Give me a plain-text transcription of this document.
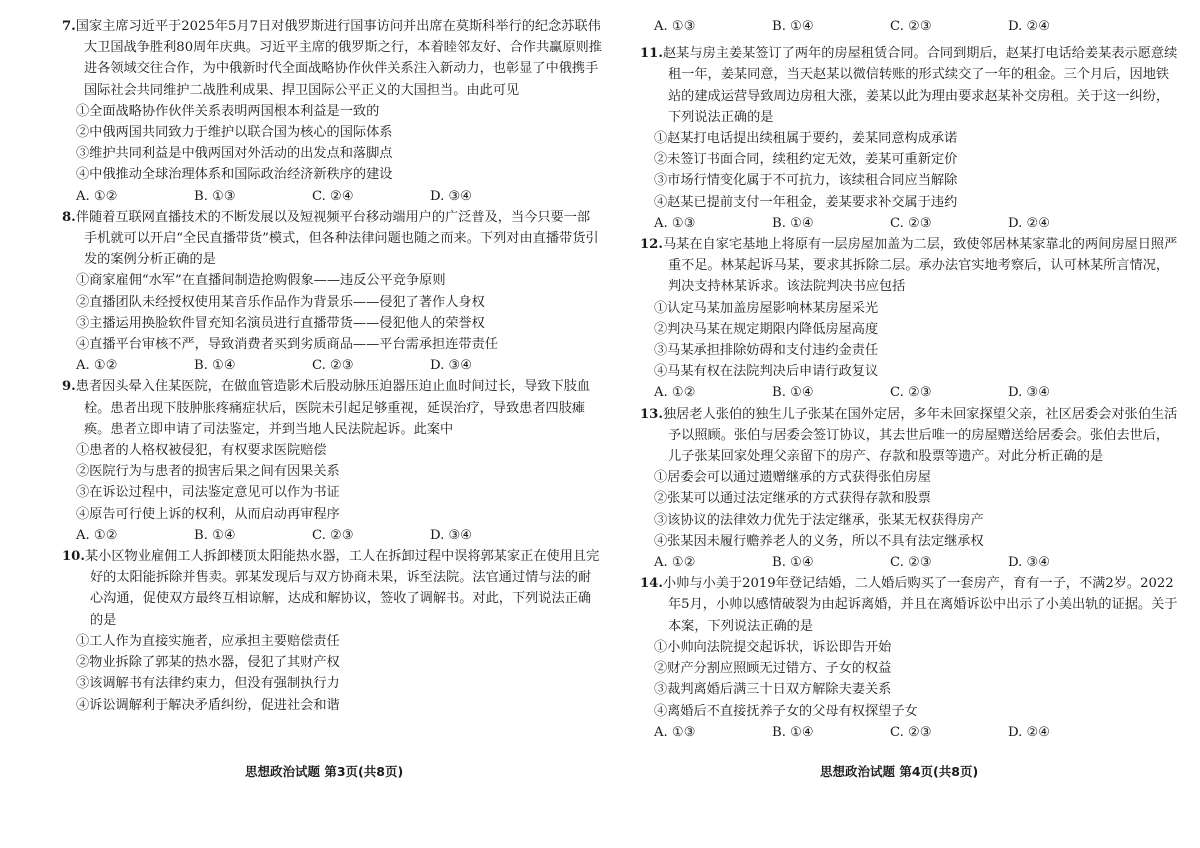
7.国家主席习近平于2025年5月7日对俄罗斯进行国事访问并出席在莫斯科举行的纪念苏联伟大卫国战争胜利80周年庆典。习近平主席的俄罗斯之行，本着睦邻友好、合作共赢原则推进各领域交往合作，为中俄新时代全面战略协作伙伴关系注入新动力，也彰显了中俄携手国际社会共同维护二战胜利成果、捍卫国际公平正义的大国担当。由此可见
①全面战略协作伙伴关系表明两国根本利益是一致的
②中俄两国共同致力于维护以联合国为核心的国际体系
③维护共同利益是中俄两国对外活动的出发点和落脚点
④中俄推动全球治理体系和国际政治经济新秩序的建设
A. ①②	B. ①③	C. ②④	D. ③④
8.伴随着互联网直播技术的不断发展以及短视频平台移动端用户的广泛普及，当今只要一部手机就可以开启“全民直播带货”模式，但各种法律问题也随之而来。下列对由直播带货引发的案例分析正确的是
①商家雇佣“水军”在直播间制造抢购假象——违反公平竞争原则
②直播团队未经授权使用某音乐作品作为背景乐——侵犯了著作人身权
③主播运用换脸软件冒充知名演员进行直播带货——侵犯他人的荣誉权
④直播平台审核不严，导致消费者买到劣质商品——平台需承担连带责任
A. ①②	B. ①④	C. ②③	D. ③④
9.患者因头晕入住某医院，在做血管造影术后股动脉压迫器压迫止血时间过长，导致下肢血栓。患者出现下肢肿胀疼痛症状后，医院未引起足够重视，延误治疗，导致患者四肢瘫痪。患者立即申请了司法鉴定，并到当地人民法院起诉。此案中
①患者的人格权被侵犯，有权要求医院赔偿
②医院行为与患者的损害后果之间有因果关系
③在诉讼过程中，司法鉴定意见可以作为书证
④原告可行使上诉的权利，从而启动再审程序
A. ①②	B. ①④	C. ②③	D. ③④
10.某小区物业雇佣工人拆卸楼顶太阳能热水器，工人在拆卸过程中误将郭某家正在使用且完好的太阳能拆除并售卖。郭某发现后与双方协商未果，诉至法院。法官通过情与法的耐心沟通，促使双方最终互相谅解，达成和解协议，签收了调解书。对此，下列说法正确的是
①工人作为直接实施者，应承担主要赔偿责任
②物业拆除了郭某的热水器，侵犯了其财产权
③该调解书有法律约束力，但没有强制执行力
④诉讼调解利于解决矛盾纠纷，促进社会和谐
思想政治试题 第3页(共8页)
A. ①③	B. ①④	C. ②③	D. ②④
11.赵某与房主姜某签订了两年的房屋租赁合同。合同到期后，赵某打电话给姜某表示愿意续租一年，姜某同意，当天赵某以微信转账的形式续交了一年的租金。三个月后，因地铁站的建成运营导致周边房租大涨，姜某以此为理由要求赵某补交房租。关于这一纠纷，下列说法正确的是
①赵某打电话提出续租属于要约，姜某同意构成承诺
②未签订书面合同，续租约定无效，姜某可重新定价
③市场行情变化属于不可抗力，该续租合同应当解除
④赵某已提前支付一年租金，姜某要求补交属于违约
A. ①③	B. ①④	C. ②③	D. ②④
12.马某在自家宅基地上将原有一层房屋加盖为二层，致使邻居林某家靠北的两间房屋日照严重不足。林某起诉马某，要求其拆除二层。承办法官实地考察后，认可林某所言情况，判决支持林某诉求。该法院判决书应包括
①认定马某加盖房屋影响林某房屋采光
②判决马某在规定期限内降低房屋高度
③马某承担排除妨碍和支付违约金责任
④马某有权在法院判决后申请行政复议
A. ①②	B. ①④	C. ②③	D. ③④
13.独居老人张伯的独生儿子张某在国外定居，多年未回家探望父亲，社区居委会对张伯生活予以照顾。张伯与居委会签订协议，其去世后唯一的房屋赠送给居委会。张伯去世后，儿子张某回家处理父亲留下的房产、存款和股票等遗产。对此分析正确的是
①居委会可以通过遗赠继承的方式获得张伯房屋
②张某可以通过法定继承的方式获得存款和股票
③该协议的法律效力优先于法定继承，张某无权获得房产
④张某因未履行赡养老人的义务，所以不具有法定继承权
A. ①②	B. ①④	C. ②③	D. ③④
14.小帅与小美于2019年登记结婚，二人婚后购买了一套房产，育有一子，不满2岁。2022年5月，小帅以感情破裂为由起诉离婚，并且在离婚诉讼中出示了小美出轨的证据。关于本案，下列说法正确的是
①小帅向法院提交起诉状，诉讼即告开始
②财产分割应照顾无过错方、子女的权益
③裁判离婚后满三十日双方解除夫妻关系
④离婚后不直接抚养子女的父母有权探望子女
A. ①③	B. ①④	C. ②③	D. ②④
思想政治试题 第4页(共8页)
